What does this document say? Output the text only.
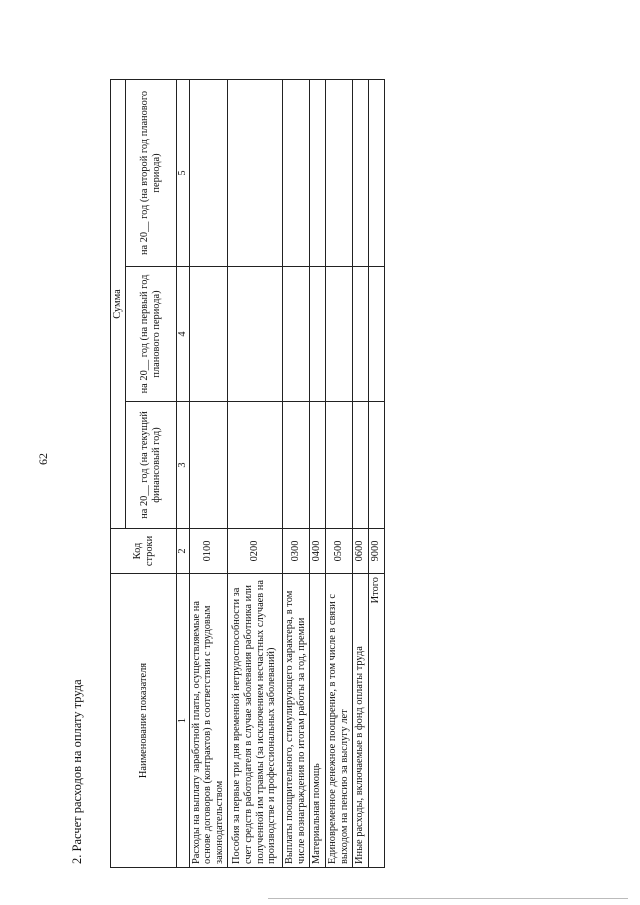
62
2. Расчет расходов на оплату труда	Наименование показателя	Код строки	Сумма		
		на 20__ год (на текущий финансовый год)	на 20__ год (на первый год планового периода)	на 20__ год (на второй год планового периода)
1	2	3	4	5
Расходы на выплату заработной платы, осуществляемые на основе договоров (контрактов) в соответствии с трудовым законодательством	0100			
Пособия за первые три дня временной нетрудоспособности за счет средств работодателя в случае заболевания работника или полученной им травмы (за исключением несчастных случаев на производстве и профессиональных заболеваний)	0200			
Выплаты поощрительного, стимулирующего характера, в том числе вознаграждения по итогам работы за год, премии	0300			
Материальная помощь	0400			
Единовременное денежное поощрение, в том числе в связи с выходом на пенсию за выслугу лет	0500			
Иные расходы, включаемые в фонд оплаты труда	0600			
Итого	9000			
